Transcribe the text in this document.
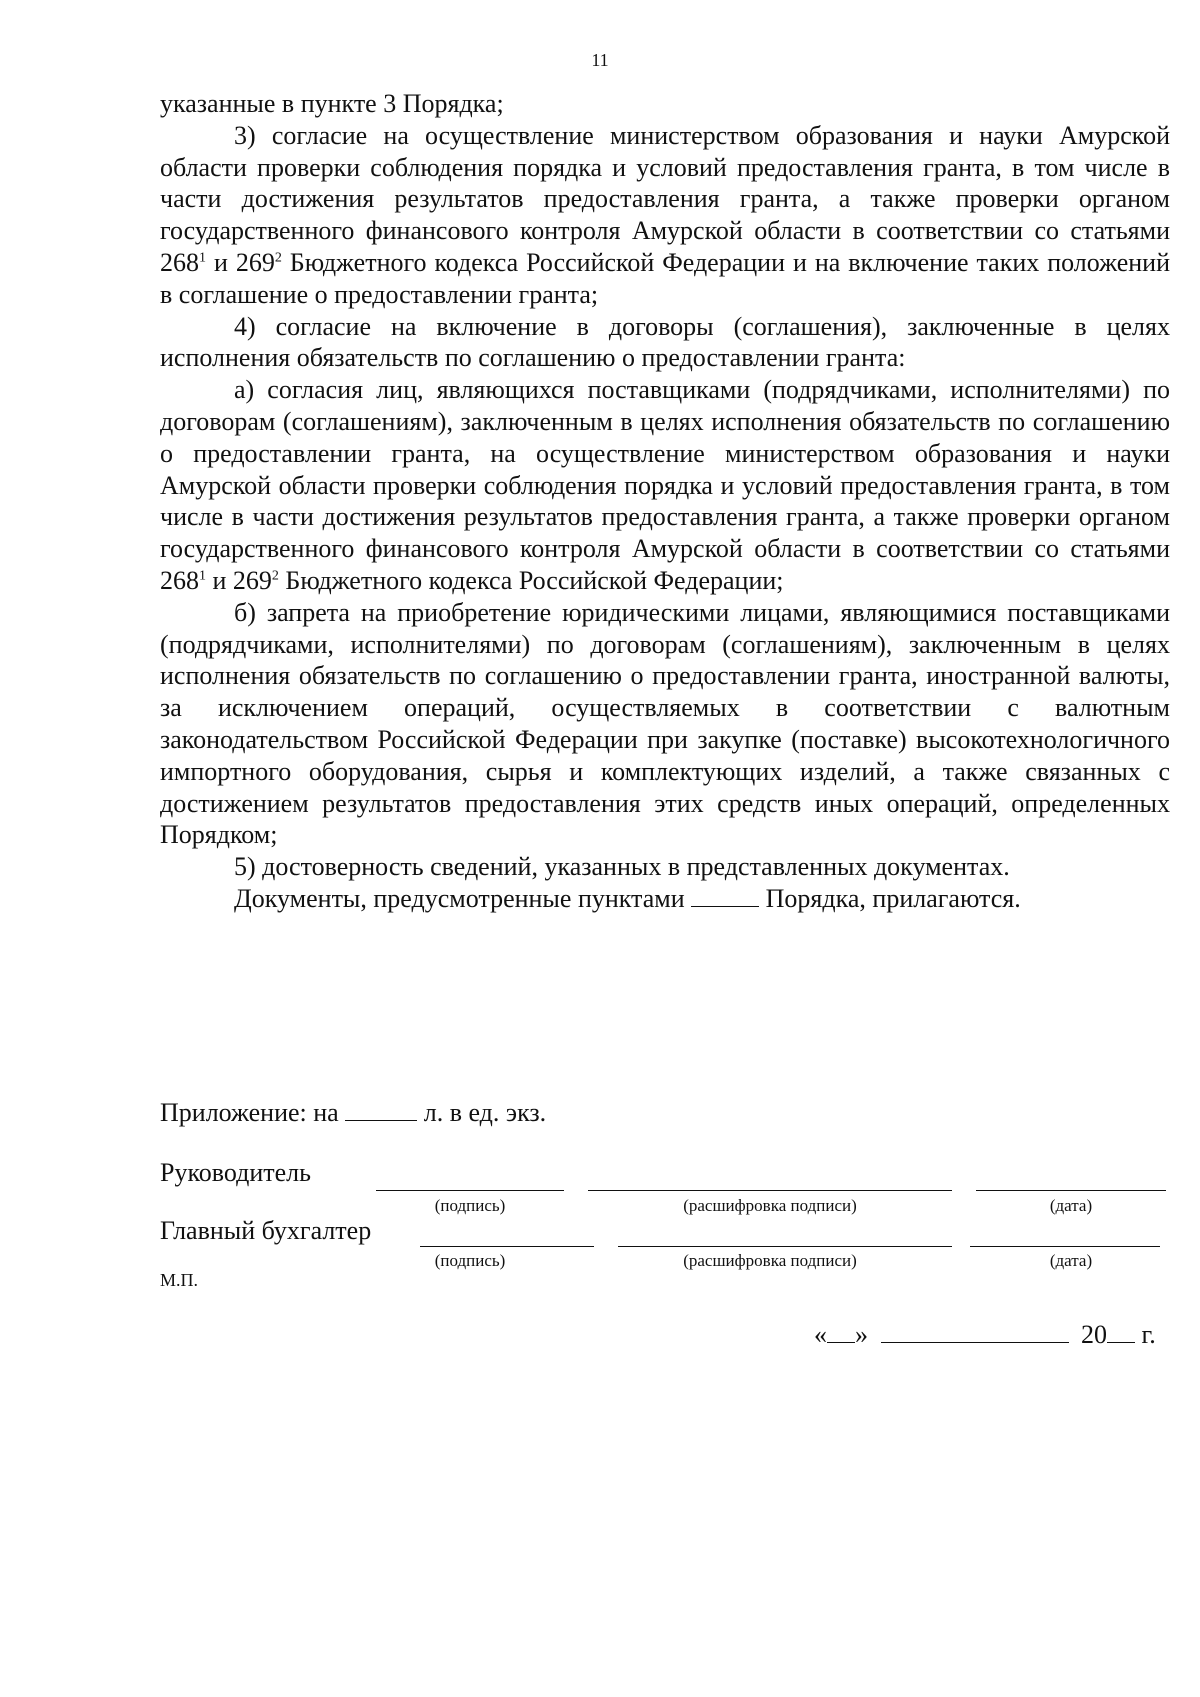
11

указанные в пункте 3 Порядка;

3) согласие на осуществление министерством образования и науки Амурской области проверки соблюдения порядка и условий предоставления гранта, в том числе в части достижения результатов предоставления гранта, а также проверки органом государственного финансового контроля Амурской области в соответствии со статьями $268^1$ и $269^2$ Бюджетного кодекса Российской Федерации и на включение таких положений в соглашение о предоставлении гранта;

4) согласие на включение в договоры (соглашения), заключенные в целях исполнения обязательств по соглашению о предоставлении гранта:

а) согласия лиц, являющихся поставщиками (подрядчиками, исполнителями) по договорам (соглашениям), заключенным в целях исполнения обязательств по соглашению о предоставлении гранта, на осуществление министерством образования и науки Амурской области проверки соблюдения порядка и условий предоставления гранта, в том числе в части достижения результатов предоставления гранта, а также проверки органом государственного финансового контроля Амурской области в соответствии со статьями $268^1$ и $269^2$ Бюджетного кодекса Российской Федерации;

б) запрета на приобретение юридическими лицами, являющимися поставщиками (подрядчиками, исполнителями) по договорам (соглашениям), заключенным в целях исполнения обязательств по соглашению о предоставлении гранта, иностранной валюты, за исключением операций, осуществляемых в соответствии с валютным законодательством Российской Федерации при закупке (поставке) высокотехнологичного импортного оборудования, сырья и комплектующих изделий, а также связанных с достижением результатов предоставления этих средств иных операций, определенных Порядком;

5) достоверность сведений, указанных в представленных документах.

Документы, предусмотренные пунктами	Порядка, прилагаются.

Приложение: на	л. в ед. экз.
Руководитель
(подпись)	(расшифровка подписи)	(дата)
Главный бухгалтер
(подпись)	(расшифровка подписи)	(дата)
М.П.
« »	20 г.
